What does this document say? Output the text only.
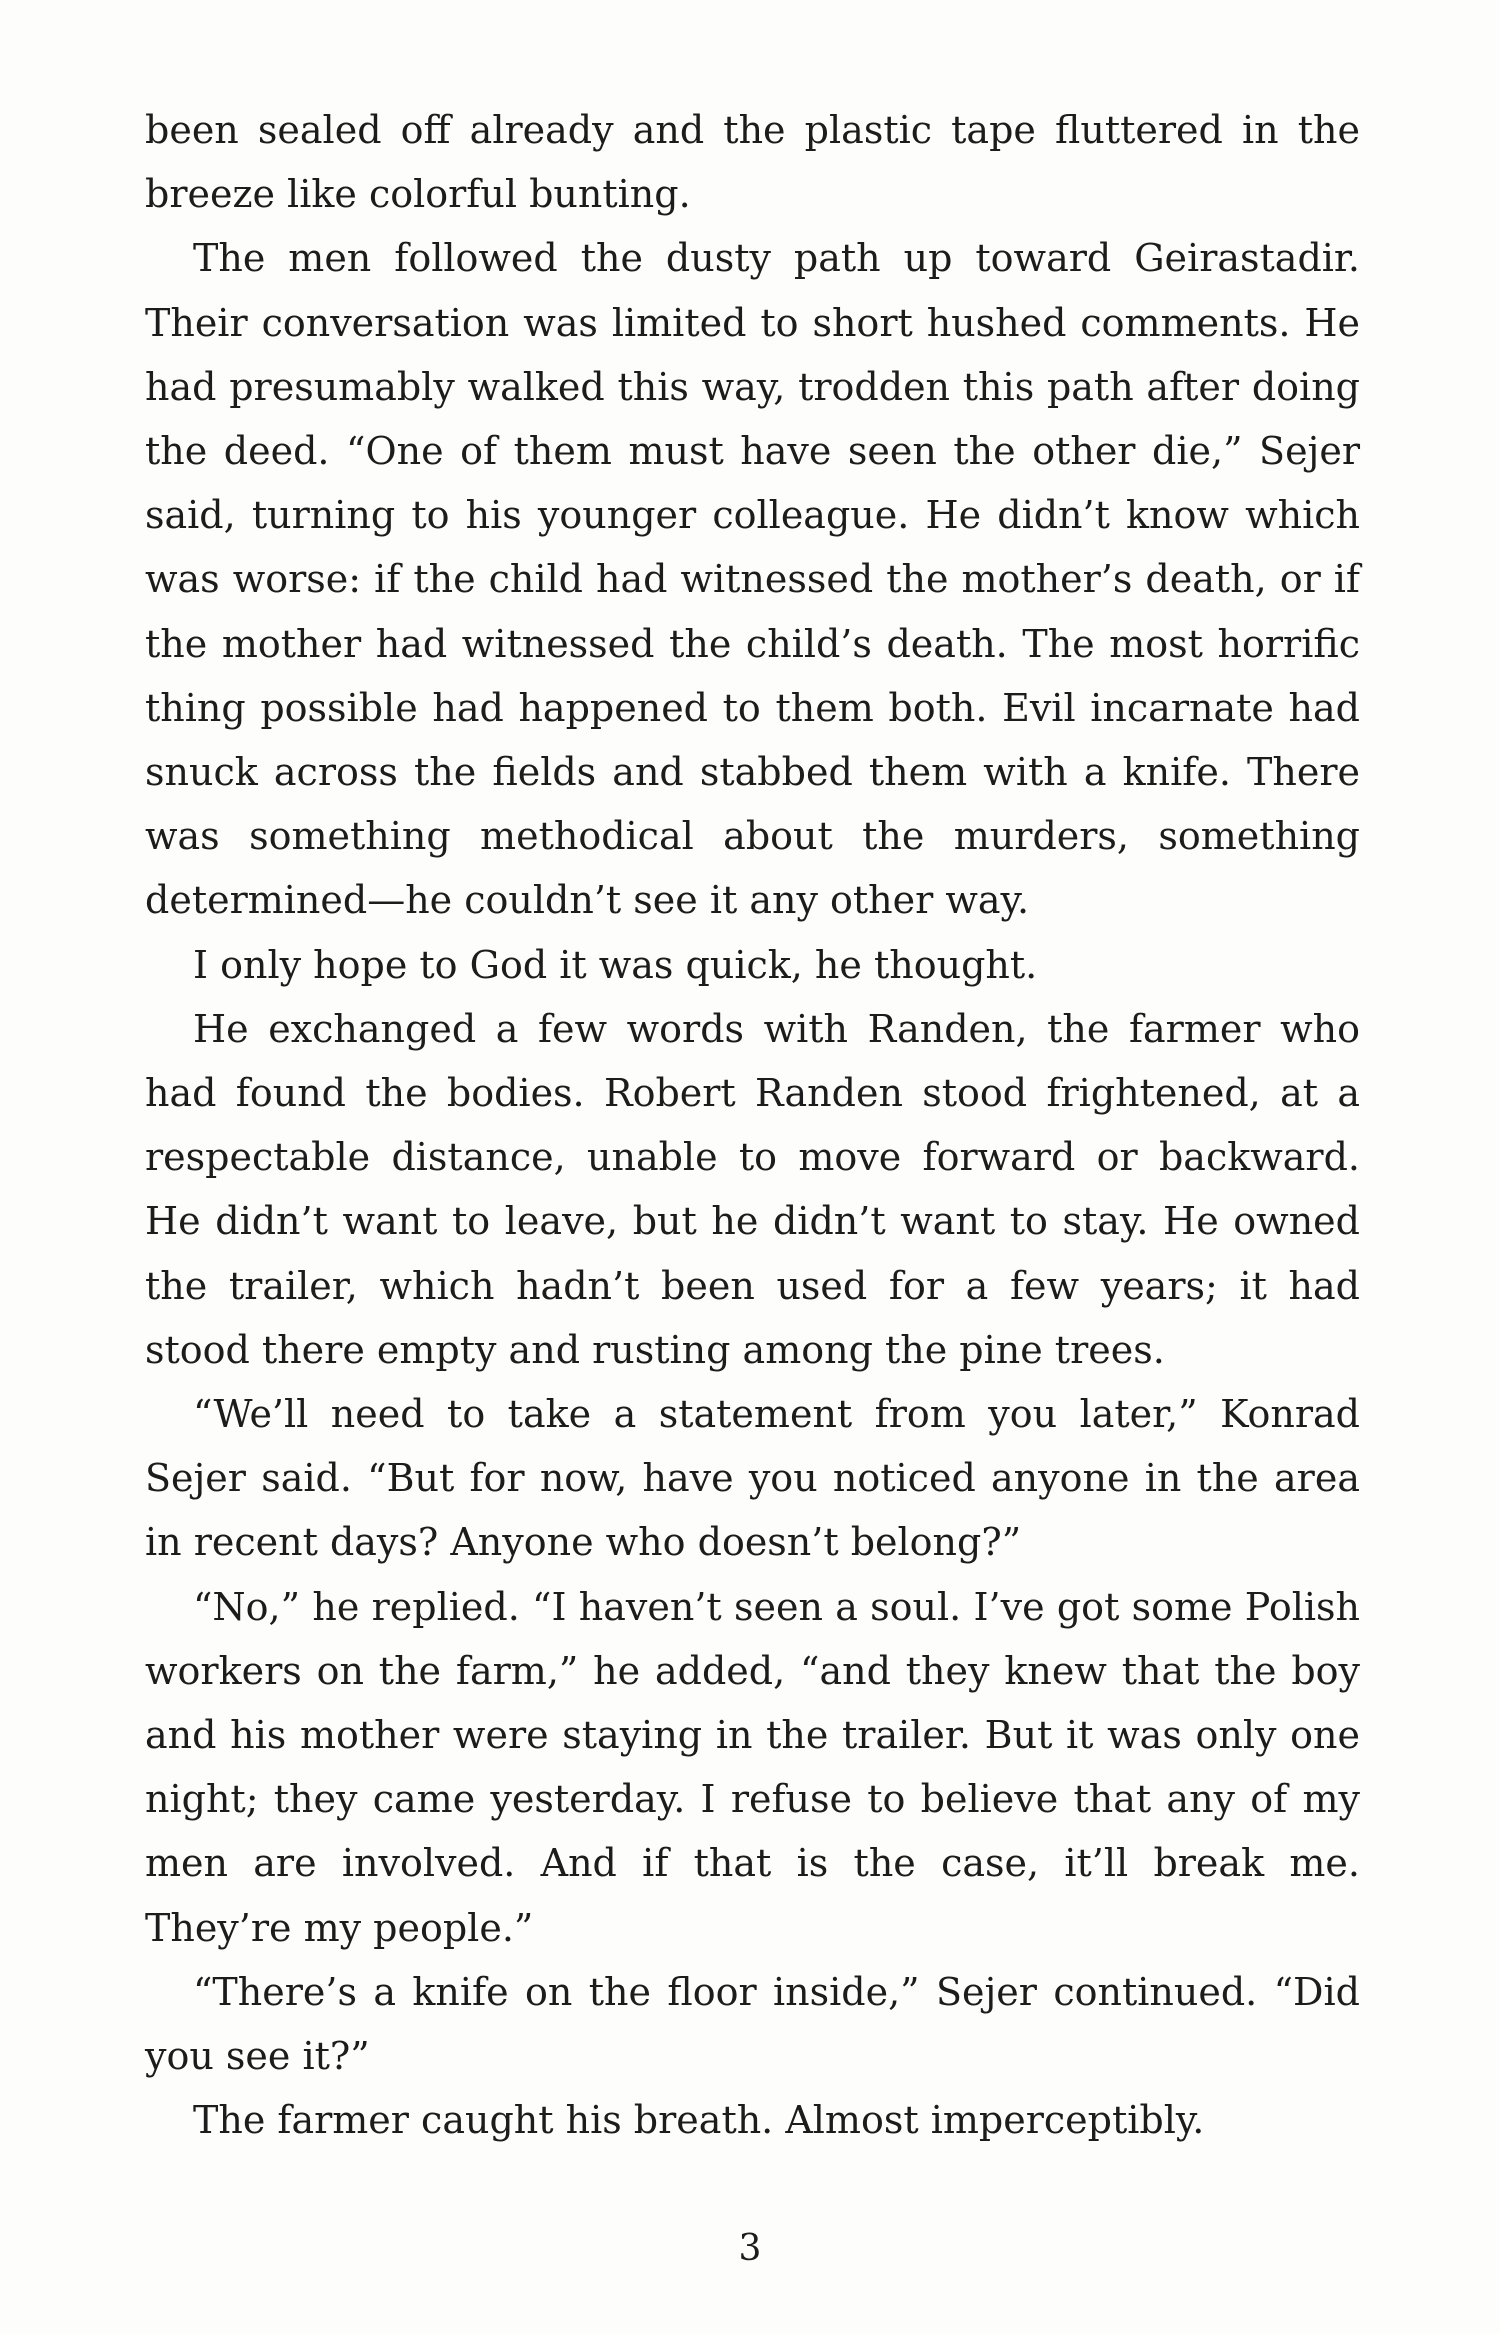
been sealed off already and the plastic tape fluttered in the breeze like colorful bunting.

The men followed the dusty path up toward Geirastadir. Their conversation was limited to short hushed comments. He had presumably walked this way, trodden this path after doing the deed. “One of them must have seen the other die,” Sejer said, turning to his younger colleague. He didn’t know which was worse: if the child had witnessed the mother’s death, or if the mother had witnessed the child’s death. The most horrific thing possible had happened to them both. Evil incarnate had snuck across the fields and stabbed them with a knife. There was something methodical about the murders, something determined—he couldn’t see it any other way.

I only hope to God it was quick, he thought.

He exchanged a few words with Randen, the farmer who had found the bodies. Robert Randen stood frightened, at a respectable distance, unable to move forward or backward. He didn’t want to leave, but he didn’t want to stay. He owned the trailer, which hadn’t been used for a few years; it had stood there empty and rusting among the pine trees.

“We’ll need to take a statement from you later,” Konrad Sejer said. “But for now, have you noticed anyone in the area in recent days? Anyone who doesn’t belong?”

“No,” he replied. “I haven’t seen a soul. I’ve got some Polish workers on the farm,” he added, “and they knew that the boy and his mother were staying in the trailer. But it was only one night; they came yesterday. I refuse to believe that any of my men are involved. And if that is the case, it’ll break me. They’re my people.”

“There’s a knife on the floor inside,” Sejer continued. “Did you see it?”

The farmer caught his breath. Almost imperceptibly.

3
